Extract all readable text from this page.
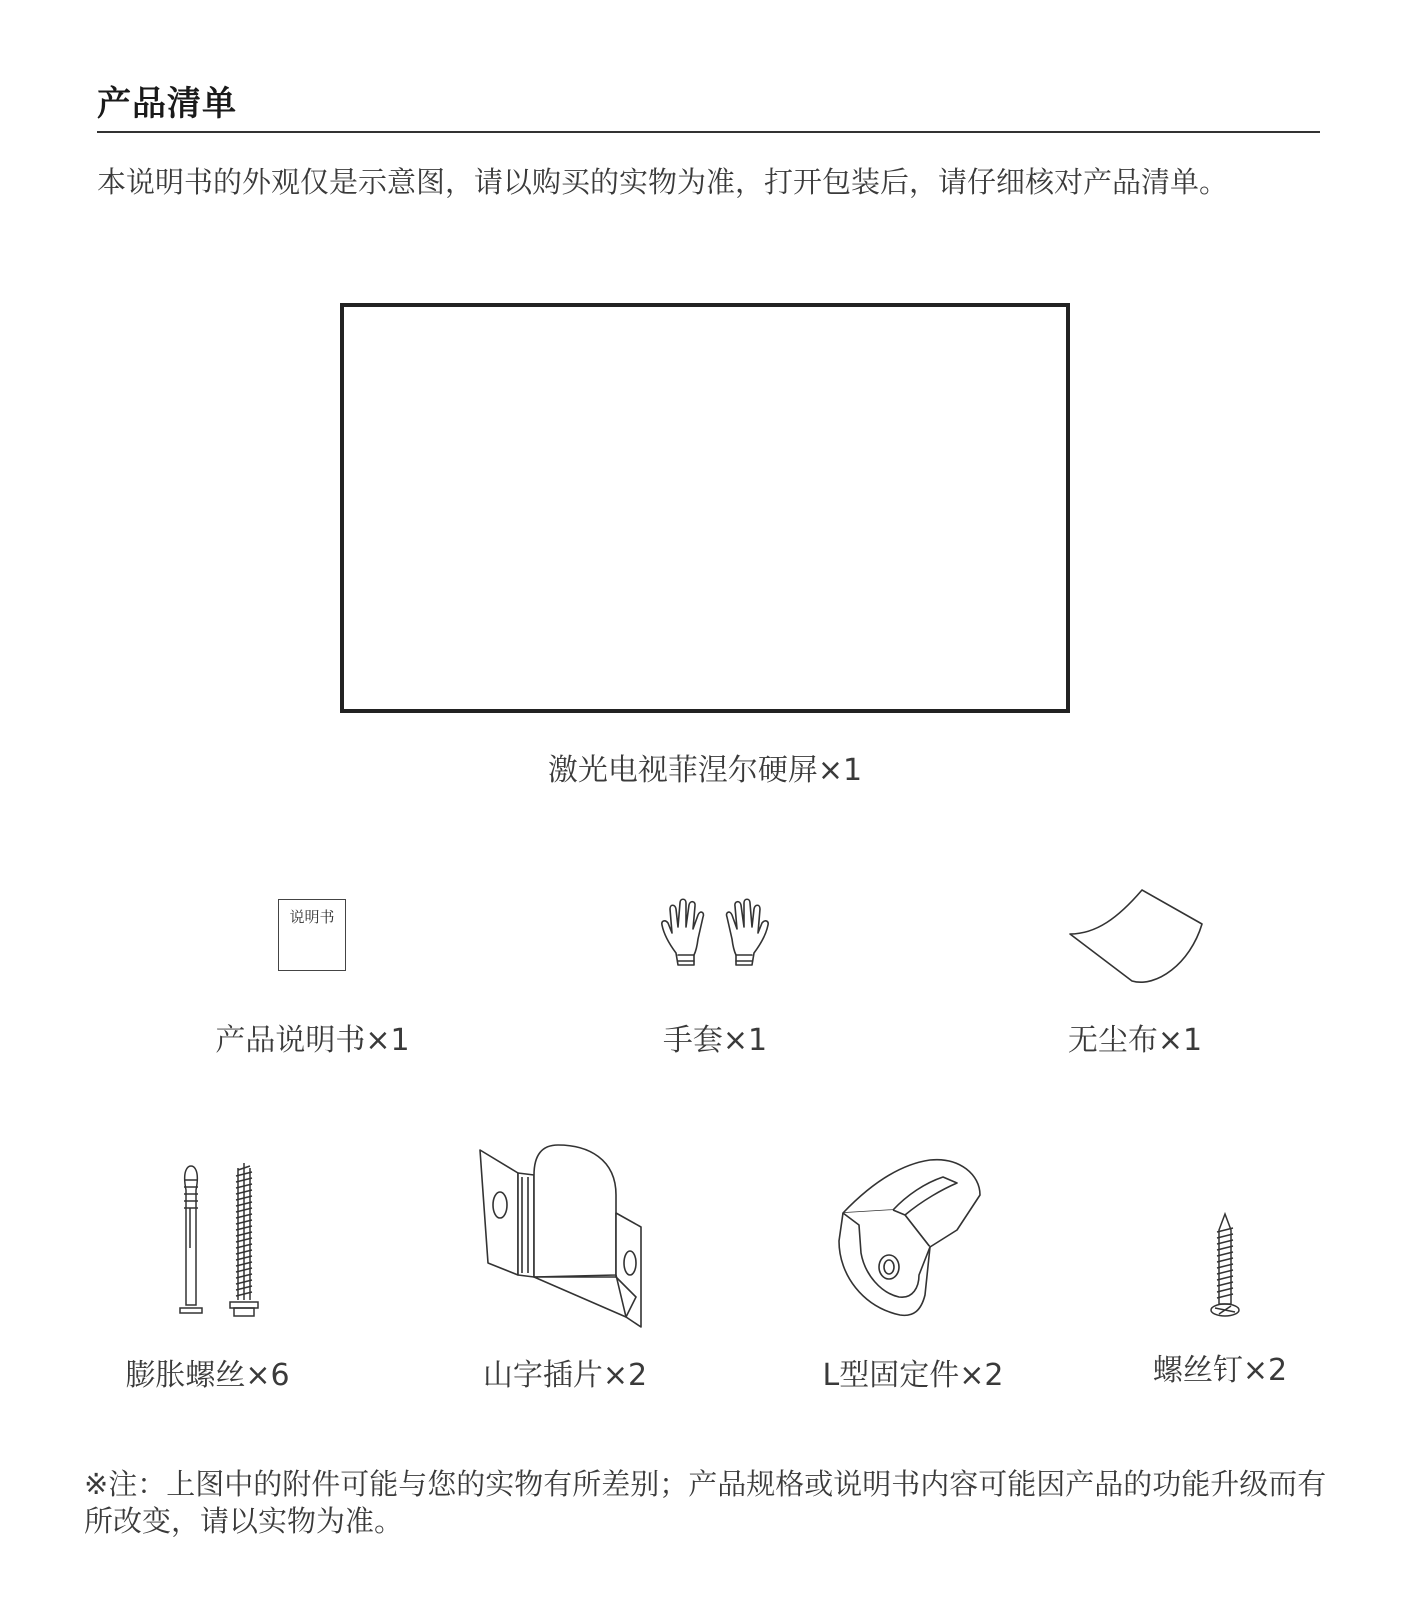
产品清单
本说明书的外观仅是示意图，请以购买的实物为准，打开包装后，请仔细核对产品清单。
激光电视菲涅尔硬屏×1
说明书
产品说明书×1	手套×1	无尘布×1
膨胀螺丝×6	山字插片×2	L型固定件×2	螺丝钉×2
※注：上图中的附件可能与您的实物有所差别；产品规格或说明书内容可能因产品的功能升级而有所改变，请以实物为准。
